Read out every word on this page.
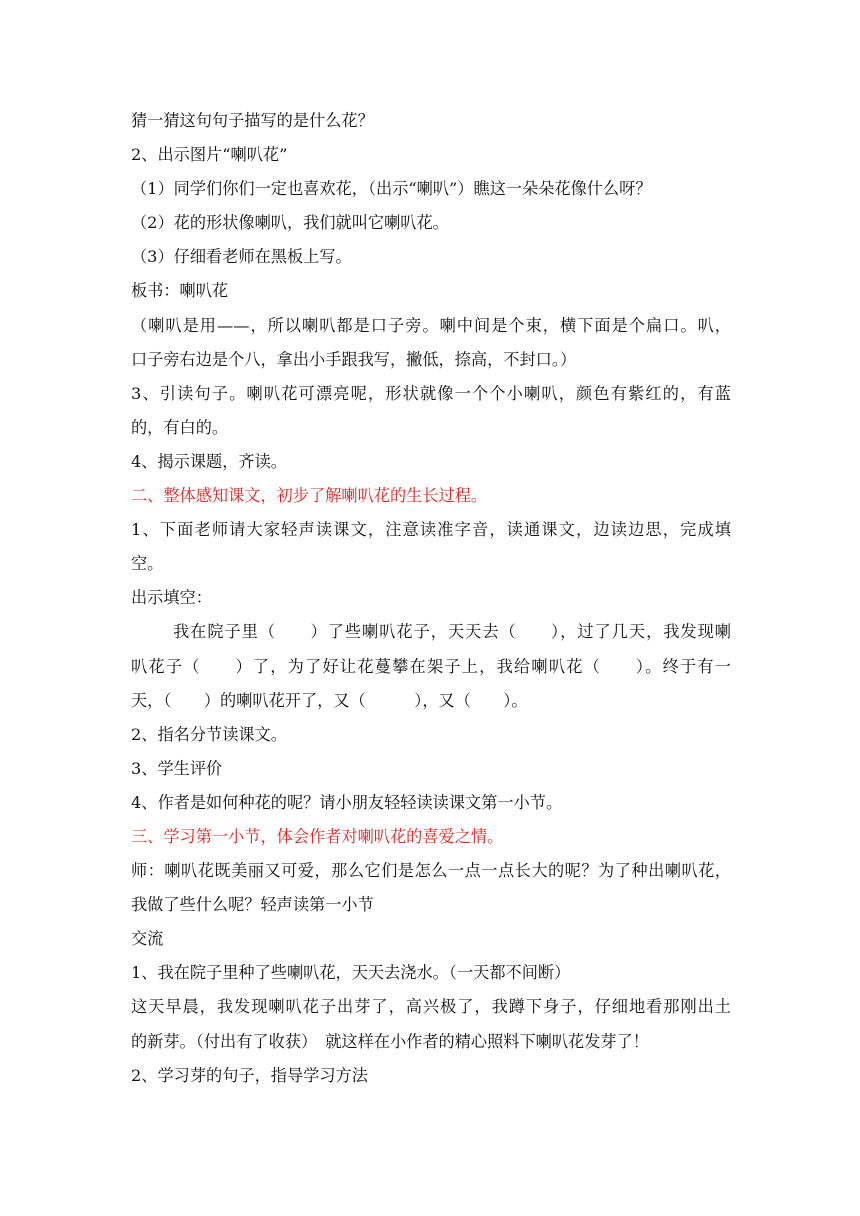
猜一猜这句句子描写的是什么花？
2、出示图片“喇叭花”
（1）同学们你们一定也喜欢花，（出示“喇叭”）瞧这一朵朵花像什么呀？
（2）花的形状像喇叭，我们就叫它喇叭花。
（3）仔细看老师在黑板上写。
板书：喇叭花
（喇叭是用——，所以喇叭都是口子旁。喇中间是个束，横下面是个扁口。叭，
口子旁右边是个八，拿出小手跟我写，撇低，捺高，不封口。）
3、引读句子。喇叭花可漂亮呢，形状就像一个个小喇叭，颜色有紫红的，有蓝
的，有白的。
4、揭示课题，齐读。
二、整体感知课文，初步了解喇叭花的生长过程。
1、下面老师请大家轻声读课文，注意读准字音，读通课文，边读边思，完成填
空。
出示填空：
我在院子里（　　）了些喇叭花子，天天去（　　），过了几天，我发现喇
叭花子（　　）了，为了好让花蔓攀在架子上，我给喇叭花（　　）。终于有一
天，（　　）的喇叭花开了，又（　　　），又（　　）。
2、指名分节读课文。
3、学生评价
4、作者是如何种花的呢？请小朋友轻轻读读课文第一小节。
三、学习第一小节，体会作者对喇叭花的喜爱之情。
师：喇叭花既美丽又可爱，那么它们是怎么一点一点长大的呢？为了种出喇叭花，
我做了些什么呢？轻声读第一小节
交流
1、我在院子里种了些喇叭花，天天去浇水。（一天都不间断）
这天早晨，我发现喇叭花子出芽了，高兴极了，我蹲下身子，仔细地看那刚出土
的新芽。（付出有了收获）　就这样在小作者的精心照料下喇叭花发芽了！
2、学习芽的句子，指导学习方法
